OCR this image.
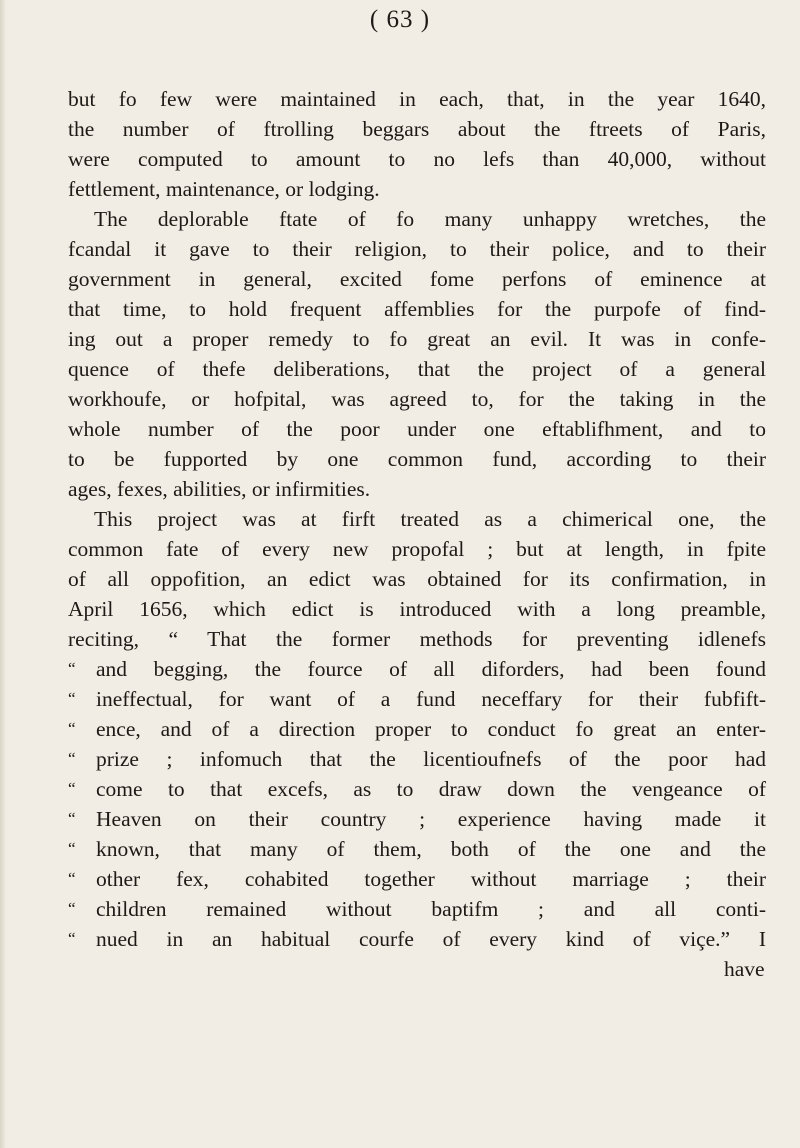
( 63 )
but fo few were maintained in each, that, in the year 1640,
the number of ftrolling beggars about the ftreets of Paris,
were computed to amount to no lefs than 40,000, without
fettlement, maintenance, or lodging.
The deplorable ftate of fo many unhappy wretches, the
fcandal it gave to their religion, to their police, and to their
government in general, excited fome perfons of eminence at
that time, to hold frequent affemblies for the purpofe of find-
ing out a proper remedy to fo great an evil. It was in confe-
quence of thefe deliberations, that the project of a general
workhoufe, or hofpital, was agreed to, for the taking in the
whole number of the poor under one eftablifhment, and to
to be fupported by one common fund, according to their
ages, fexes, abilities, or infirmities.
This project was at firft treated as a chimerical one, the
common fate of every new propofal ; but at length, in fpite
of all oppofition, an edict was obtained for its confirmation, in
April 1656, which edict is introduced with a long preamble,
reciting, “ That the former methods for preventing idlenefs
“ and begging, the fource of all diforders, had been found
“ ineffectual, for want of a fund neceffary for their fubfift-
“ ence, and of a direction proper to conduct fo great an enter-
“ prize ; infomuch that the licentioufnefs of the poor had
“ come to that excefs, as to draw down the vengeance of
“ Heaven on their country ; experience having made it
“ known, that many of them, both of the one and the
“ other fex, cohabited together without marriage ; their
“ children remained without baptifm ; and all conti-
“ nued in an habitual courfe of every kind of viçe.” I
have
